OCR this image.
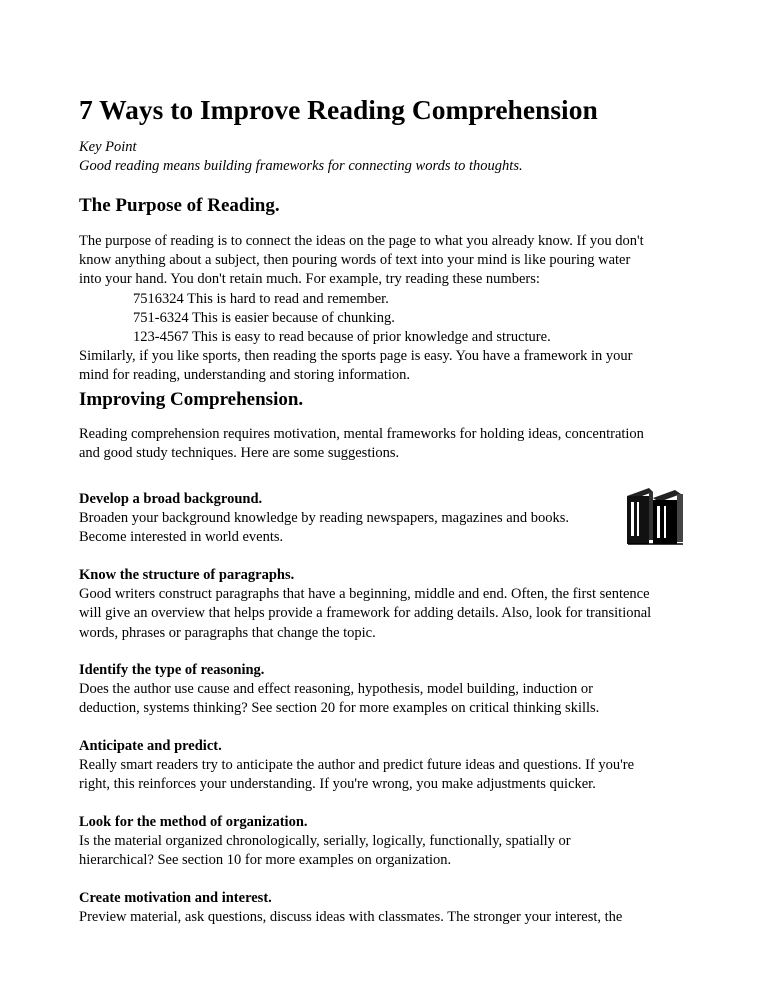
7 Ways to Improve Reading Comprehension
Key Point
Good reading means building frameworks for connecting words to thoughts.
The Purpose of Reading.
The purpose of reading is to connect the ideas on the page to what you already know. If you don't
know anything about a subject, then pouring words of text into your mind is like pouring water
into your hand. You don't retain much. For example, try reading these numbers:
7516324 This is hard to read and remember.
751-6324 This is easier because of chunking.
123-4567 This is easy to read because of prior knowledge and structure.
Similarly, if you like sports, then reading the sports page is easy. You have a framework in your
mind for reading, understanding and storing information.
Improving Comprehension.
Reading comprehension requires motivation, mental frameworks for holding ideas, concentration
and good study techniques. Here are some suggestions.
Develop a broad background.
Broaden your background knowledge by reading newspapers, magazines and books.
Become interested in world events.
Know the structure of paragraphs.
Good writers construct paragraphs that have a beginning, middle and end. Often, the first sentence
will give an overview that helps provide a framework for adding details. Also, look for transitional
words, phrases or paragraphs that change the topic.
Identify the type of reasoning.
Does the author use cause and effect reasoning, hypothesis, model building, induction or
deduction, systems thinking? See section 20 for more examples on critical thinking skills.
Anticipate and predict.
Really smart readers try to anticipate the author and predict future ideas and questions. If you're
right, this reinforces your understanding. If you're wrong, you make adjustments quicker.
Look for the method of organization.
Is the material organized chronologically, serially, logically, functionally, spatially or
hierarchical? See section 10 for more examples on organization.
Create motivation and interest.
Preview material, ask questions, discuss ideas with classmates. The stronger your interest, the
